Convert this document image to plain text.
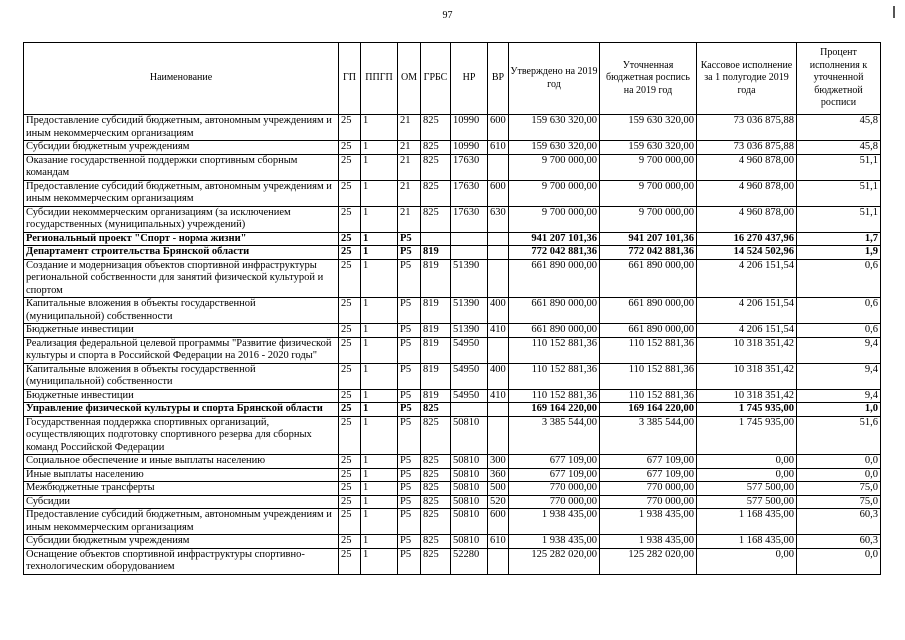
97
Наименование	ГП	ППГП	ОМ	ГРБС	НР	ВР	Утверждено на 2019 год	Уточненная бюджетная роспись на 2019 год	Кассовое исполнение за 1 полугодие 2019 года	Процент исполнения к уточненной бюджетной росписи
Предоставление субсидий бюджетным, автономным учреждениям и иным некоммерческим организациям	25	1	21	825	10990	600	159 630 320,00	159 630 320,00	73 036 875,88	45,8
Субсидии бюджетным учреждениям	25	1	21	825	10990	610	159 630 320,00	159 630 320,00	73 036 875,88	45,8
Оказание государственной поддержки спортивным сборным командам	25	1	21	825	17630		9 700 000,00	9 700 000,00	4 960 878,00	51,1
Предоставление субсидий бюджетным, автономным учреждениям и иным некоммерческим организациям	25	1	21	825	17630	600	9 700 000,00	9 700 000,00	4 960 878,00	51,1
Субсидии некоммерческим организациям (за исключением государственных (муниципальных) учреждений)	25	1	21	825	17630	630	9 700 000,00	9 700 000,00	4 960 878,00	51,1
Региональный проект "Спорт - норма жизни"	25	1	P5				941 207 101,36	941 207 101,36	16 270 437,96	1,7
Департамент строительства Брянской области	25	1	P5	819			772 042 881,36	772 042 881,36	14 524 502,96	1,9
Создание и модернизация объектов спортивной инфраструктуры региональной собственности для занятий физической культурой и спортом	25	1	P5	819	51390		661 890 000,00	661 890 000,00	4 206 151,54	0,6
Капитальные вложения в объекты государственной (муниципальной) собственности	25	1	P5	819	51390	400	661 890 000,00	661 890 000,00	4 206 151,54	0,6
Бюджетные инвестиции	25	1	P5	819	51390	410	661 890 000,00	661 890 000,00	4 206 151,54	0,6
Реализация федеральной целевой программы "Развитие физической культуры и спорта в Российской Федерации на 2016 - 2020 годы"	25	1	P5	819	54950		110 152 881,36	110 152 881,36	10 318 351,42	9,4
Капитальные вложения в объекты государственной (муниципальной) собственности	25	1	P5	819	54950	400	110 152 881,36	110 152 881,36	10 318 351,42	9,4
Бюджетные инвестиции	25	1	P5	819	54950	410	110 152 881,36	110 152 881,36	10 318 351,42	9,4
Управление физической культуры и спорта Брянской области	25	1	P5	825			169 164 220,00	169 164 220,00	1 745 935,00	1,0
Государственная поддержка спортивных организаций, осуществляющих подготовку спортивного резерва для сборных команд Российской Федерации	25	1	P5	825	50810		3 385 544,00	3 385 544,00	1 745 935,00	51,6
Социальное обеспечение и иные выплаты населению	25	1	P5	825	50810	300	677 109,00	677 109,00	0,00	0,0
Иные выплаты населению	25	1	P5	825	50810	360	677 109,00	677 109,00	0,00	0,0
Межбюджетные трансферты	25	1	P5	825	50810	500	770 000,00	770 000,00	577 500,00	75,0
Субсидии	25	1	P5	825	50810	520	770 000,00	770 000,00	577 500,00	75,0
Предоставление субсидий бюджетным, автономным учреждениям и иным некоммерческим организациям	25	1	P5	825	50810	600	1 938 435,00	1 938 435,00	1 168 435,00	60,3
Субсидии бюджетным учреждениям	25	1	P5	825	50810	610	1 938 435,00	1 938 435,00	1 168 435,00	60,3
Оснащение объектов спортивной инфраструктуры спортивно-технологическим оборудованием	25	1	P5	825	52280		125 282 020,00	125 282 020,00	0,00	0,0
